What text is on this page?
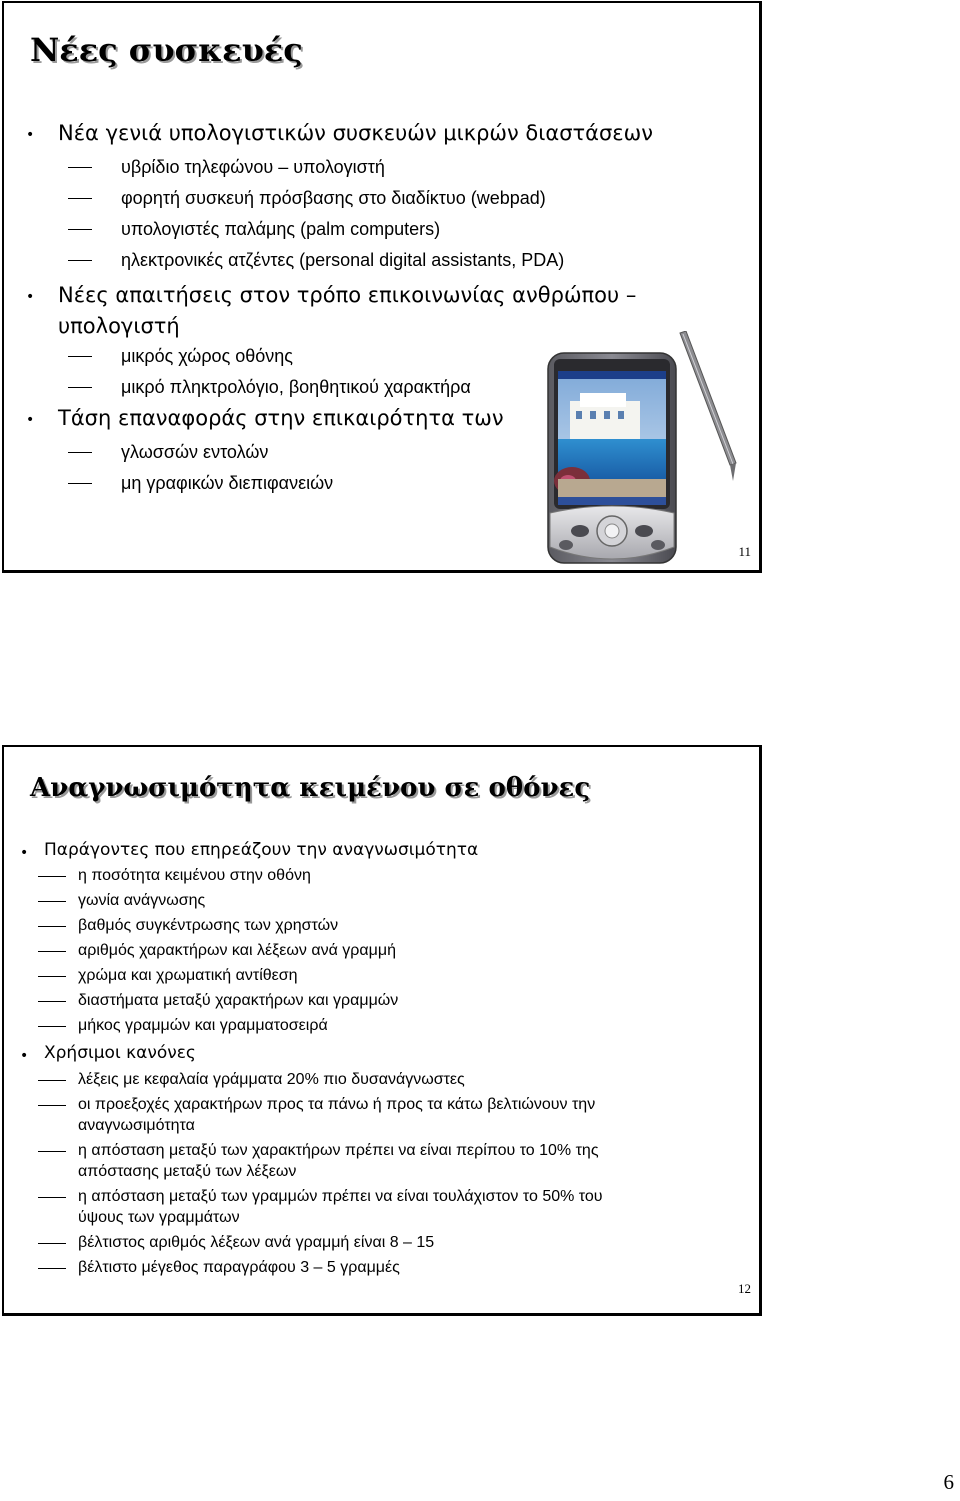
Νέες συσκευές
• Νέα γενιά υπολογιστικών συσκευών μικρών διαστάσεων
υβρίδιο τηλεφώνου – υπολογιστή
φορητή συσκευή πρόσβασης στο διαδίκτυο (webpad)
υπολογιστές παλάμης (palm computers)
ηλεκτρονικές ατζέντες (personal digital assistants, PDA)
• Νέες απαιτήσεις στον τρόπο επικοινωνίας ανθρώπου –
υπολογιστή
μικρός χώρος οθόνης
μικρό πληκτρολόγιο, βοηθητικού χαρακτήρα
• Τάση επαναφοράς στην επικαιρότητα των
γλωσσών εντολών
μη γραφικών διεπιφανειών
11
Αναγνωσιμότητα κειμένου σε οθόνες
• Παράγοντες που επηρεάζουν την αναγνωσιμότητα
η ποσότητα κειμένου στην οθόνη
γωνία ανάγνωσης
βαθμός συγκέντρωσης των χρηστών
αριθμός χαρακτήρων και λέξεων ανά γραμμή
χρώμα και χρωματική αντίθεση
διαστήματα μεταξύ χαρακτήρων και γραμμών
μήκος γραμμών και γραμματοσειρά
• Χρήσιμοι κανόνες
λέξεις με κεφαλαία γράμματα 20% πιο δυσανάγνωστες
οι προεξοχές χαρακτήρων προς τα πάνω ή προς τα κάτω βελτιώνουν την
αναγνωσιμότητα
η απόσταση μεταξύ των χαρακτήρων πρέπει να είναι περίπου το 10% της
απόστασης μεταξύ των λέξεων
η απόσταση μεταξύ των γραμμών πρέπει να είναι τουλάχιστον το 50% του
ύψους των γραμμάτων
βέλτιστος αριθμός λέξεων ανά γραμμή είναι 8 – 15
βέλτιστο μέγεθος παραγράφου 3 – 5 γραμμές
12
6
